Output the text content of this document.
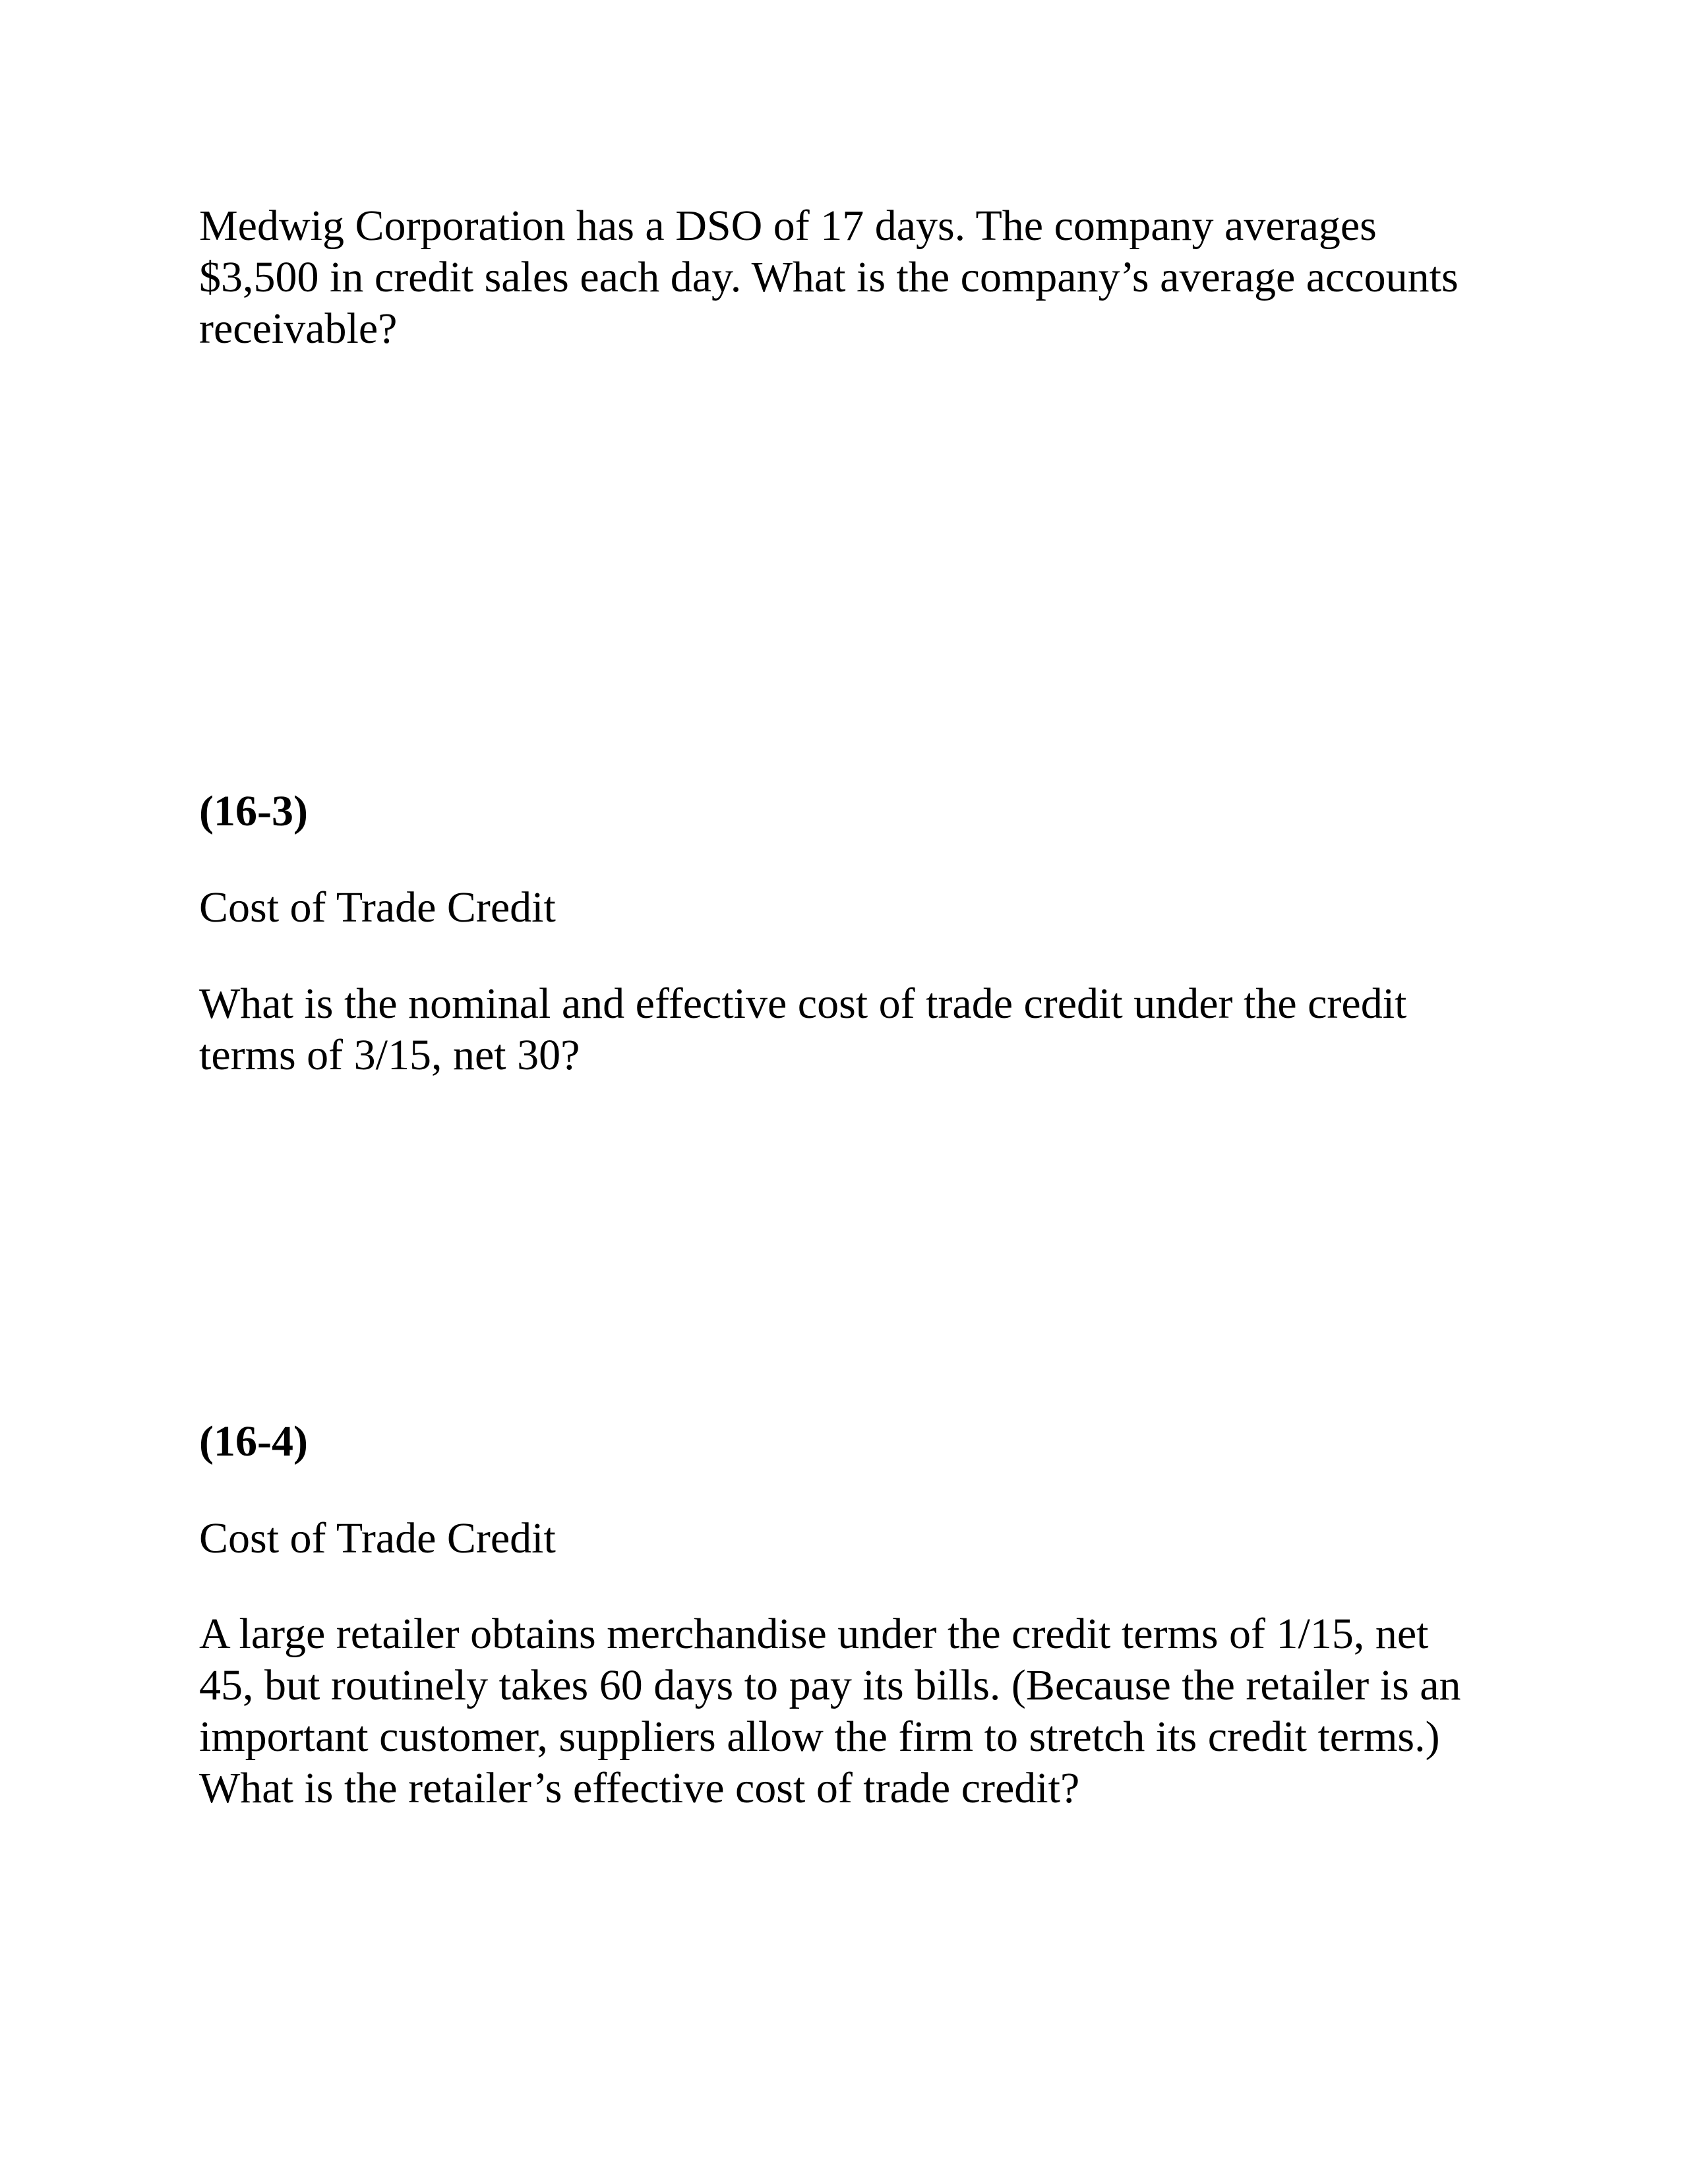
Medwig Corporation has a DSO of 17 days. The company averages
$3,500 in credit sales each day. What is the company’s average accounts
receivable?

(16-3)

Cost of Trade Credit

What is the nominal and effective cost of trade credit under the credit
terms of 3/15, net 30?

(16-4)

Cost of Trade Credit

A large retailer obtains merchandise under the credit terms of 1/15, net
45, but routinely takes 60 days to pay its bills. (Because the retailer is an
important customer, suppliers allow the firm to stretch its credit terms.)
What is the retailer’s effective cost of trade credit?
